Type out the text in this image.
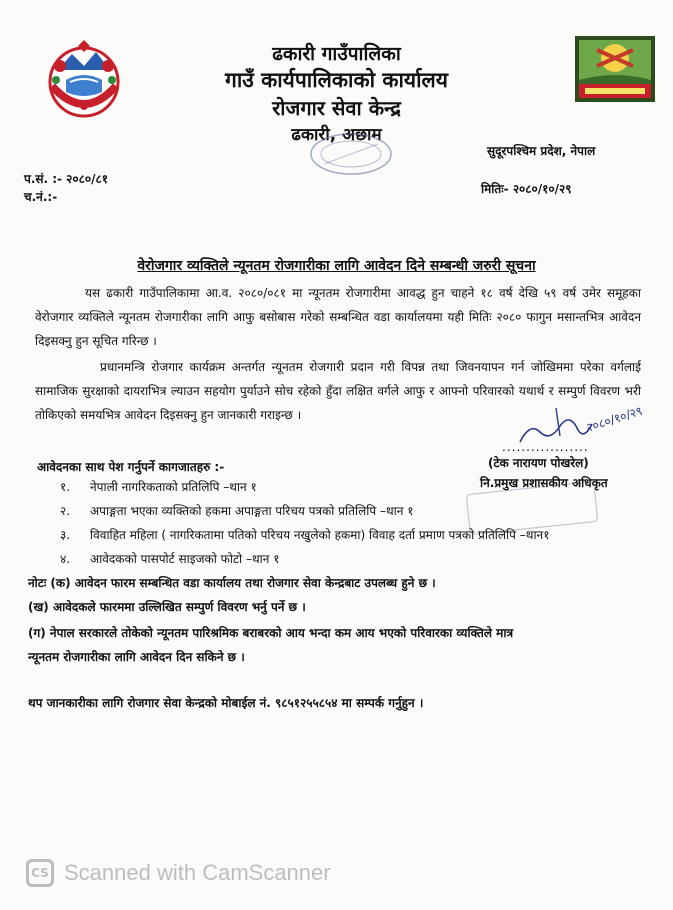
ढकारी गाउँपालिका
गाउँ कार्यपालिकाको कार्यालय
रोजगार सेवा केन्द्र
ढकारी, अछाम
सुदूरपश्चिम प्रदेश, नेपाल
प.सं. :- २०८०/८१
च.नं.:-
मितिः- २०८०/१०/२९
वेरोजगार व्यक्तिले न्यूनतम रोजगारीका लागि आवेदन दिने सम्बन्धी जरुरी सूचना
यस ढकारी गाउँपालिकामा आ.व. २०८०/०८१ मा न्यूनतम रोजगारीमा आवद्ध हुन चाहने १८ वर्ष देखि ५९ वर्ष उमेर समूहका वेरोजगार व्यक्तिले न्यूनतम रोजगारीका लागि आफु बसोबास गरेको सम्बन्धित वडा कार्यालयमा यही मितिः २०८० फागुन मसान्तभित्र आवेदन दिइसक्नु हुन सूचित गरिन्छ ।
प्रधानमन्त्रि रोजगार कार्यक्रम अन्तर्गत न्यूनतम रोजगारी प्रदान गरी विपन्न तथा जिवनयापन गर्न जोखिममा परेका वर्गलाई सामाजिक सुरक्षाको दायराभित्र ल्याउन सहयोग पुर्याउने सोच रहेको हुँदा लक्षित वर्गले आफु र आफ्नो परिवारको यथार्थ र सम्पुर्ण विवरण भरी तोकिएको समयभित्र आवेदन दिइसक्नु हुन जानकारी गराइन्छ ।	२०८०/१०/२९
..................
(टेक नारायण पोखरेल)
नि.प्रमुख प्रशासकीय अधिकृत
आवेदनका साथ पेश गर्नुपर्ने कागजातहरु :-
१. नेपाली नागरिकताको प्रतिलिपि –थान १
२. अपाङ्गता भएका व्यक्तिको हकमा अपाङ्गता परिचय पत्रको प्रतिलिपि –थान १
३. विवाहित महिला ( नागरिकतामा पतिको परिचय नखुलेको हकमा) विवाह दर्ता प्रमाण पत्रको प्रतिलिपि –थान१
४. आवेदकको पासपोर्ट साइजको फोटो –थान १
नोटः (क) आवेदन फारम सम्बन्धित वडा कार्यालय तथा रोजगार सेवा केन्द्रबाट उपलब्ध हुने छ ।
(ख) आवेदकले फारममा उल्लिखित सम्पुर्ण विवरण भर्नु पर्ने छ ।
(ग) नेपाल सरकारले तोकेको न्यूनतम पारिश्रमिक बराबरको आय भन्दा कम आय भएको परिवारका व्यक्तिले मात्र
न्यूनतम रोजगारीका लागि आवेदन दिन सकिने छ ।
थप जानकारीका लागि रोजगार सेवा केन्द्रको मोबाईल नं. ९८५१२५५८५४ मा सम्पर्क गर्नुहुन ।
CS Scanned with CamScanner
